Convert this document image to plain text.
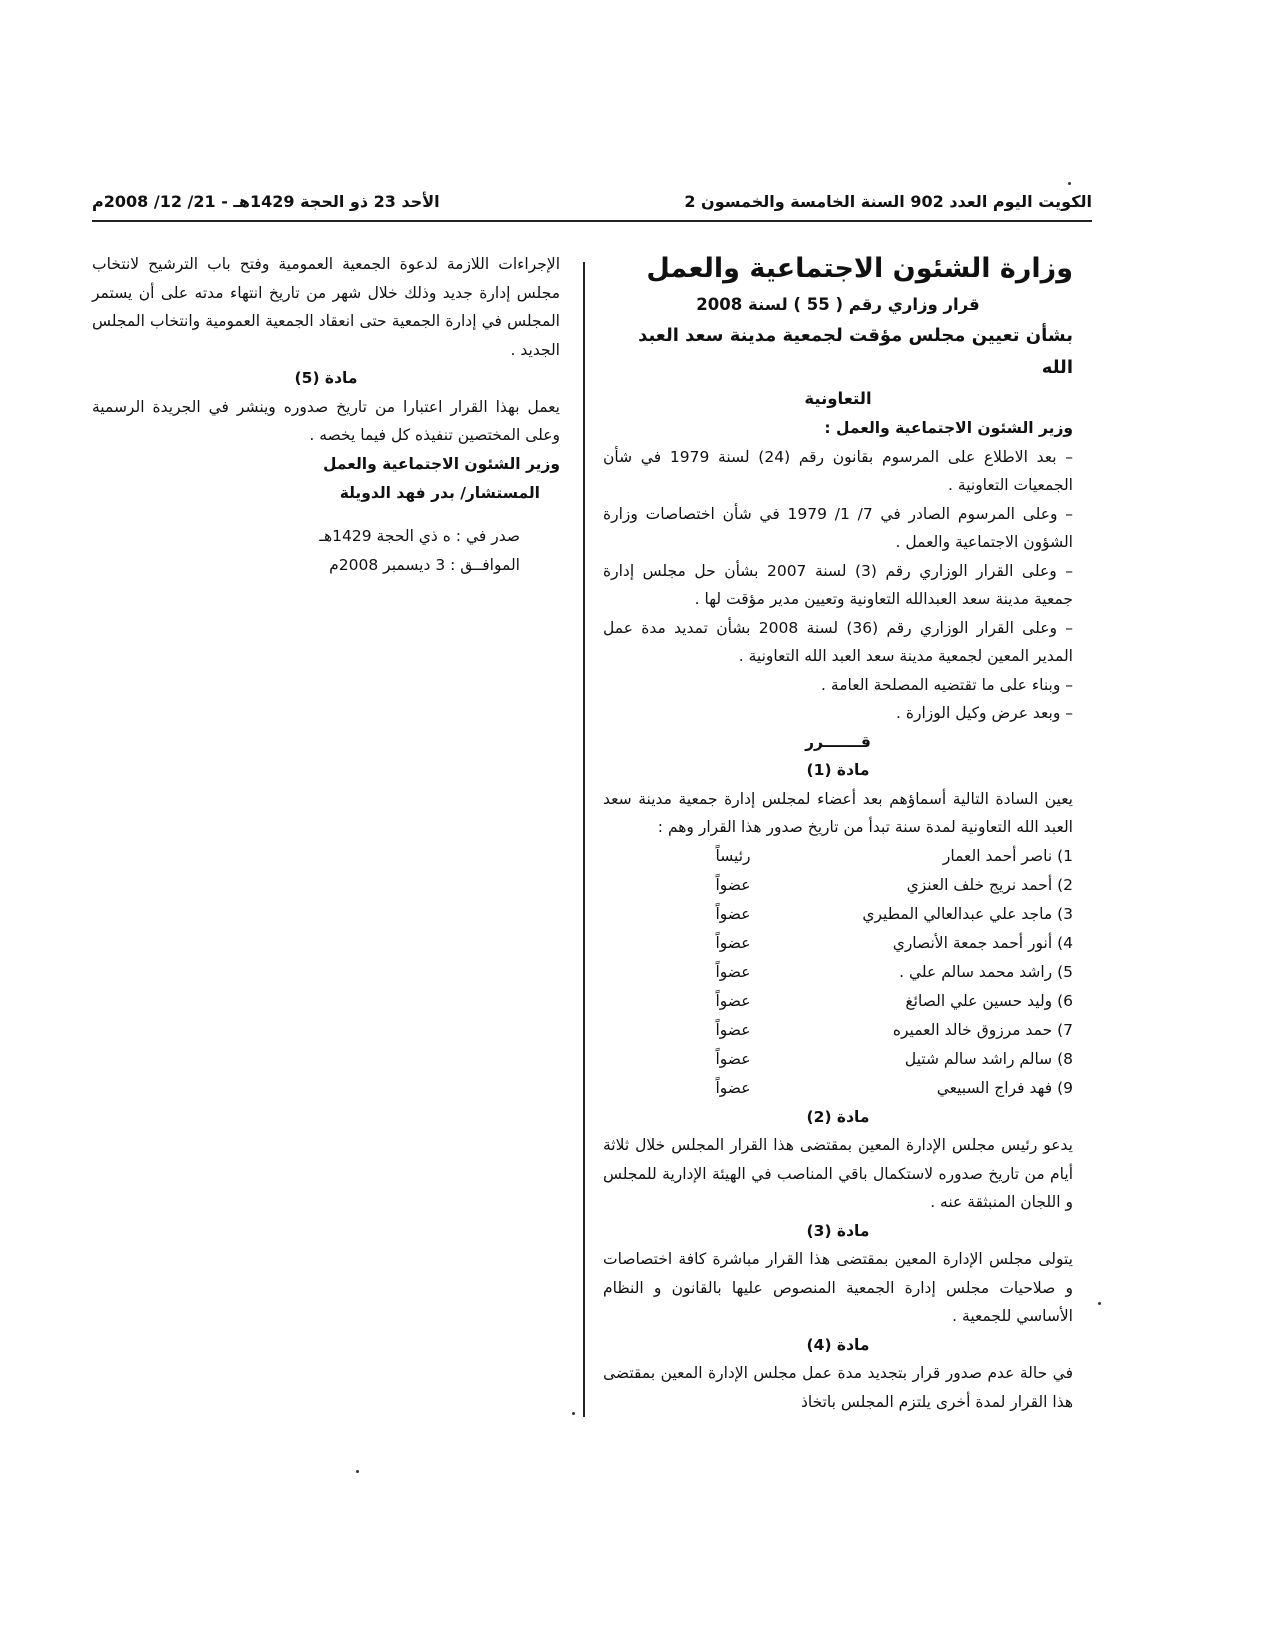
الكويت اليوم العدد 902 السنة الخامسة والخمسون 2
الأحد 23 ذو الحجة 1429هـ - 21/ 12/ 2008م
وزارة الشئون الاجتماعية والعمل
قرار وزاري رقم ( 55 ) لسنة 2008
بشأن تعيين مجلس مؤقت لجمعية مدينة سعد العبد الله
التعاونية

وزير الشئون الاجتماعية والعمل :

– بعد الاطلاع على المرسوم بقانون رقم (24) لسنة 1979 في شأن الجمعيات التعاونية .

– وعلى المرسوم الصادر في 7/ 1/ 1979 في شأن اختصاصات وزارة الشؤون الاجتماعية والعمل .

– وعلى القرار الوزاري رقم (3) لسنة 2007 بشأن حل مجلس إدارة جمعية مدينة سعد العبدالله التعاونية وتعيين مدير مؤقت لها .

– وعلى القرار الوزاري رقم (36) لسنة 2008 بشأن تمديد مدة عمل المدير المعين لجمعية مدينة سعد العبد الله التعاونية .

– وبناء على ما تقتضيه المصلحة العامة .

– وبعد عرض وكيل الوزارة .

قـــــــرر

مادة (1)

يعين السادة التالية أسماؤهم بعد أعضاء لمجلس إدارة جمعية مدينة سعد العبد الله التعاونية لمدة سنة تبدأ من تاريخ صدور هذا القرار وهم :

1) ناصر أحمد العمار
رئيساً
2) أحمد نريج خلف العنزي
عضواً
3) ماجد علي عبدالعالي المطيري
عضواً
4) أنور أحمد جمعة الأنصاري
عضواً
5) راشد محمد سالم علي .
عضواً
6) وليد حسين علي الصائغ
عضواً
7) حمد مرزوق خالد العميره
عضواً
8) سالم راشد سالم شتيل
عضواً
9) فهد فراج السبيعي
عضواً

مادة (2)

يدعو رئيس مجلس الإدارة المعين بمقتضى هذا القرار المجلس خلال ثلاثة أيام من تاريخ صدوره لاستكمال باقي المناصب في الهيئة الإدارية للمجلس و اللجان المنبثقة عنه .

مادة (3)

يتولى مجلس الإدارة المعين بمقتضى هذا القرار مباشرة كافة اختصاصات و صلاحيات مجلس إدارة الجمعية المنصوص عليها بالقانون و النظام الأساسي للجمعية .

مادة (4)

في حالة عدم صدور قرار بتجديد مدة عمل مجلس الإدارة المعين بمقتضى هذا القرار لمدة أخرى يلتزم المجلس باتخاذ

الإجراءات اللازمة لدعوة الجمعية العمومية وفتح باب الترشيح لانتخاب مجلس إدارة جديد وذلك خلال شهر من تاريخ انتهاء مدته على أن يستمر المجلس في إدارة الجمعية حتى انعقاد الجمعية العمومية وانتخاب المجلس الجديد .

مادة (5)

يعمل بهذا القرار اعتبارا من تاريخ صدوره وينشر في الجريدة الرسمية وعلى المختصين تنفيذه كل فيما يخصه .

وزير الشئون الاجتماعية والعمل

المستشار/ بدر فهد الدويلة

صدر في : ه ذي الحجة 1429هـ

الموافــق : 3 ديسمبر 2008م
